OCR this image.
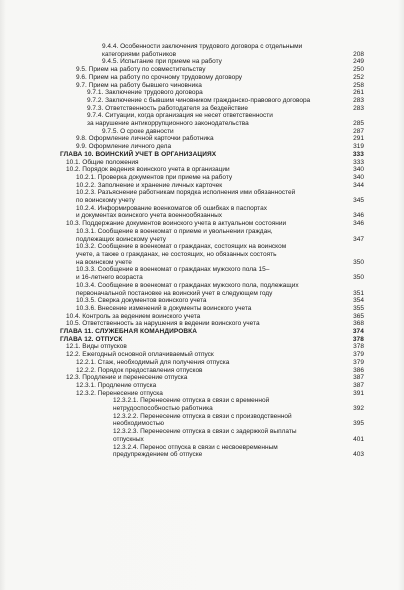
9.4.4. Особенности заключения трудового договора с отдельными
категориями работников	208
9.4.5. Испытание при приеме на работу	249
9.5. Прием на работу по совместительству	250
9.6. Прием на работу по срочному трудовому договору	252
9.7. Прием на работу бывшего чиновника	258
9.7.1. Заключение трудового договора	261
9.7.2. Заключение с бывшим чиновником гражданско-правового договора	283
9.7.3. Ответственность работодателя за бездействие	283
9.7.4. Ситуации, когда организация не несет ответственности
за нарушение антикоррупционного законодательства	285
9.7.5. О сроке давности	287
9.8. Оформление личной карточки работника	291
9.9. Оформление личного дела	319
ГЛАВА 10. ВОИНСКИЙ УЧЕТ В ОРГАНИЗАЦИЯХ	333
10.1. Общие положения	333
10.2. Порядок ведения воинского учета в организации	340
10.2.1. Проверка документов при приеме на работу	340
10.2.2. Заполнение и хранение личных карточек	344
10.2.3. Разъяснение работникам порядка исполнения ими обязанностей
по воинскому учету	345
10.2.4. Информирование военкоматов об ошибках в паспортах
и документах воинского учета военнообязанных	346
10.3. Поддержание документов воинского учета в актуальном состоянии	346
10.3.1. Сообщение в военкомат о приеме и увольнении граждан,
подлежащих воинскому учету	347
10.3.2. Сообщение в военкомат о гражданах, состоящих на воинском
учете, а также о гражданах, не состоящих, но обязанных состоять
на воинском учете	350
10.3.3. Сообщение в военкомат о гражданах мужского пола 15–
и 16-летнего возраста	350
10.3.4. Сообщение в военкомат о гражданах мужского пола, подлежащих
первоначальной постановке на воинский учет в следующем году	351
10.3.5. Сверка документов воинского учета	354
10.3.6. Внесение изменений в документы воинского учета	355
10.4. Контроль за ведением воинского учета	365
10.5. Ответственность за нарушения в ведении воинского учета	368
ГЛАВА 11. СЛУЖЕБНАЯ КОМАНДИРОВКА	374
ГЛАВА 12. ОТПУСК	378
12.1. Виды отпусков	378
12.2. Ежегодный основной оплачиваемый отпуск	379
12.2.1. Стаж, необходимый для получения отпуска	379
12.2.2. Порядок предоставления отпусков	386
12.3. Продление и перенесение отпуска	387
12.3.1. Продление отпуска	387
12.3.2. Перенесение отпуска	391
12.3.2.1. Перенесение отпуска в связи с временной
нетрудоспособностью работника	392
12.3.2.2. Перенесение отпуска в связи с производственной
необходимостью	395
12.3.2.3. Перенесение отпуска в связи с задержкой выплаты
отпускных	401
12.3.2.4. Перенос отпуска в связи с несвоевременным
предупреждением об отпуске	403
